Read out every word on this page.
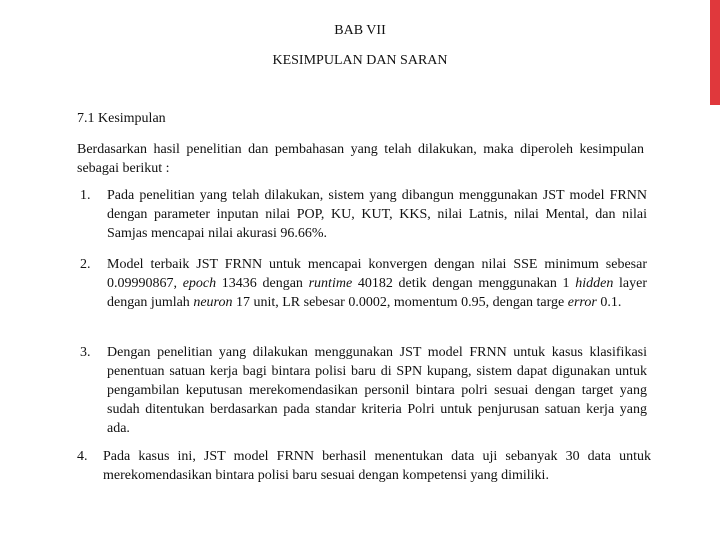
BAB VII
KESIMPULAN DAN SARAN
7.1 Kesimpulan
Berdasarkan hasil penelitian dan pembahasan yang telah dilakukan, maka diperoleh kesimpulan sebagai berikut :
1. Pada penelitian yang telah dilakukan, sistem yang dibangun menggunakan JST model FRNN dengan parameter inputan nilai POP, KU, KUT, KKS, nilai Latnis, nilai Mental, dan nilai Samjas mencapai nilai akurasi 96.66%.
2. Model terbaik JST FRNN untuk mencapai konvergen dengan nilai SSE minimum sebesar 0.09990867, epoch 13436 dengan runtime 40182 detik dengan menggunakan 1 hidden layer dengan jumlah neuron 17 unit, LR sebesar 0.0002, momentum 0.95, dengan targe error 0.1.
3. Dengan penelitian yang dilakukan menggunakan JST model FRNN untuk kasus klasifikasi penentuan satuan kerja bagi bintara polisi baru di SPN kupang, sistem dapat digunakan untuk pengambilan keputusan merekomendasikan personil bintara polri sesuai dengan target yang sudah ditentukan berdasarkan pada standar kriteria Polri untuk penjurusan satuan kerja yang ada.
4. Pada kasus ini, JST model FRNN berhasil menentukan data uji sebanyak 30 data untuk merekomendasikan bintara polisi baru sesuai dengan kompetensi yang dimiliki.
